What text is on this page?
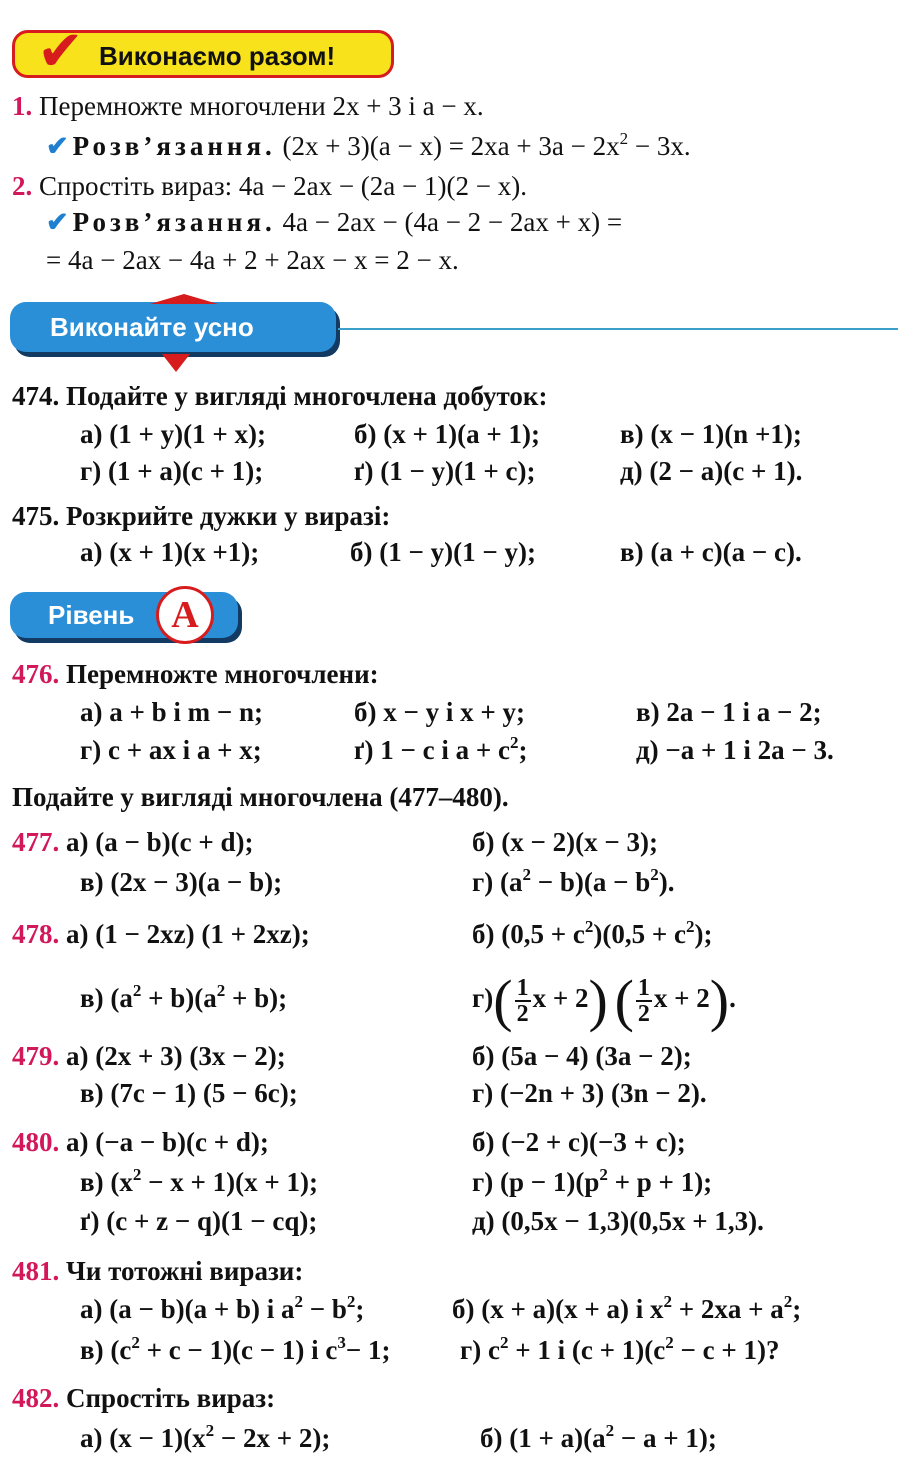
✔ Виконаємо разом!
1. Перемножте многочлени 2x + 3 і a − x.
✔ Розв’язання. $(2x + 3)(a - x) = 2xa + 3a - 2x^2 - 3x$.
2. Спростіть вираз: 4a − 2ax − (2a − 1)(2 − x).
✔ Розв’язання. 4a − 2ax − (4a − 2 − 2ax + x) =
= 4a − 2ax − 4a + 2 + 2ax − x = 2 − x.
Виконайте усно
474. Подайте у вигляді многочлена добуток:
а) (1 + y)(1 + x);	б) (x + 1)(a + 1);	в) (x − 1)(n +1);
г) (1 + a)(c + 1);	ґ) (1 − y)(1 + c);	д) (2 − a)(c + 1).
475. Розкрийте дужки у виразі:
а) (x + 1)(x +1);	б) (1 − y)(1 − y);	в) (a + c)(a − c).
Рівень A
476. Перемножте многочлени:
а) a + b і m − n;	б) x − y і x + y;	в) 2a − 1 і a − 2;
г) c + ax і a + x;	ґ) 1 − c і $a + c^2$;	д) −a + 1 і 2a − 3.
Подайте у вигляді многочлена (477–480).
477. а) (a − b)(c + d);	б) (x − 2)(x − 3);
в) (2x − 3)(a − b);	г) $(a^2 - b)(a - b^2)$.
478. а) (1 − 2xz) (1 + 2xz);	б) $(0,5 + c^2)(0,5 + c^2)$;
в) $(a^2 + b)(a^2 + b)$;	$г)( \frac{1}{2}$ x + 2) ( $\frac{1}{2}$ x + 2).
479. а) (2x + 3) (3x − 2);	б) (5a − 4) (3a − 2);
в) (7c − 1) (5 − 6c);	г) (−2n + 3) (3n − 2).
480. а) (−a − b)(c + d);	б) (−2 + c)(−3 + c);
в) $(x^2 - x + 1)(x + 1)$;	г) $(p - 1)(p^2 + p + 1)$;
ґ) (c + z − q)(1 − cq);	д) (0,5x − 1,3)(0,5x + 1,3).
481. Чи тотожні вирази:
а) (a − b)(a + b) і $a^2 - b^2$;	б) (x + a)(x + a) і $x^2 + 2xa + a^2$;
в) $(c^2 + c - 1)(c - 1)$ і $c^3- 1$;	г) $c^2 + 1$ і $(c + 1)(c^2 - c + 1)$?
482. Спростіть вираз:
а) $(x - 1)(x^2 - 2x + 2)$;	б) $(1 + a)(a^2 - a + 1)$;
